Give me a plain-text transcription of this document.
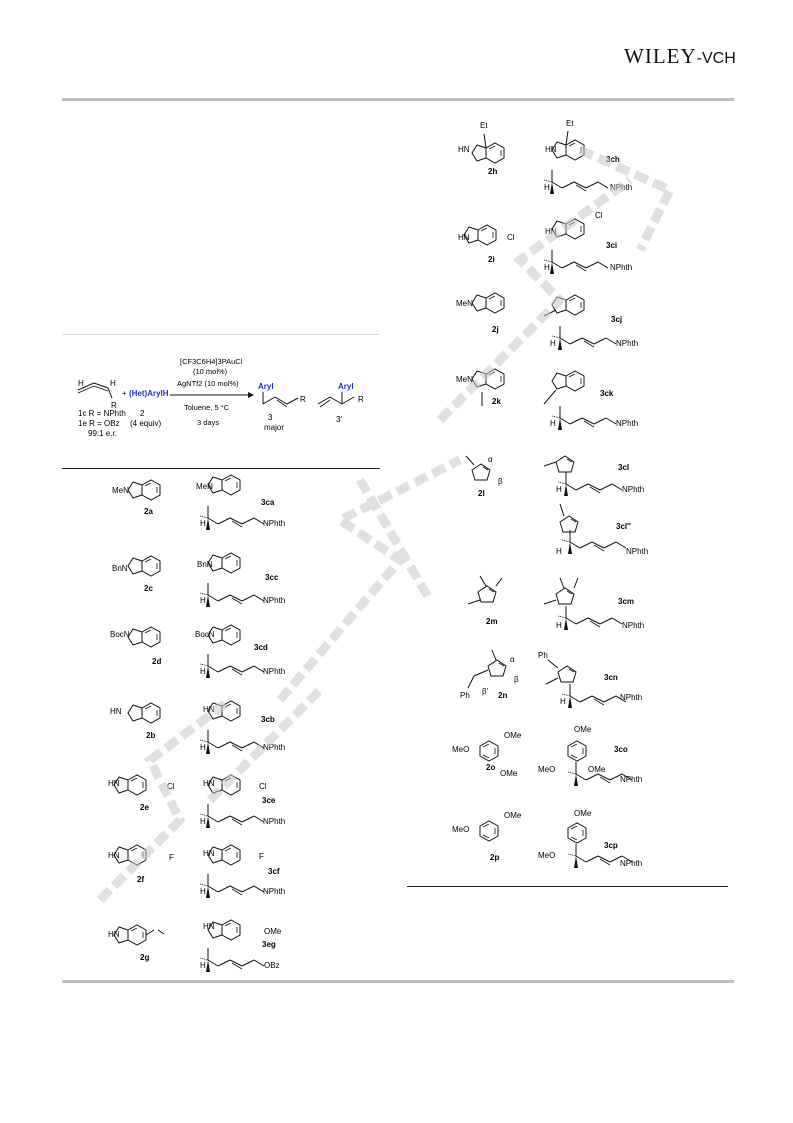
WILEY-VCH
H	H
R
1c R = NPhth
1e R = OBz
99:1 e.r.
+ (Het)ArylH
2
(4 equiv)
[CF3C6H4]3PAuCl
(10 mol%)
AgNTf2 (10 mol%)
Toluene, 5 °C
3 days
Aryl
R
3
major
Aryl
R
3'
MeN
2a
MeN
H	NPhth
3ca
BnN
2c
BnN
H	NPhth
3cc
BocN
2d
BocN
H	NPhth
3cd
HN
2b
HN
H	NPhth
3cb
HN	Cl
2e
HN	Cl
H	NPhth
3ce
HN	F
2f
HN	F
H	NPhth
3cf
HN
2g
HN
OMe
H	OBz
3eg
Et
HN
2h
Et
HN
H	NPhth
3ch
Cl
HN
2i
Cl
HN
H	NPhth
3ci
MeN
2j
H	NPhth
3cj
MeN
2k
H	NPhth
3ck
α
β
2l	H	NPhth
3cl
H	NPhth
3cl''
2m	H	NPhth
3cm
Ph
α
β
β' 2n
Ph
H	NPhth
3cn
OMe
MeO
OMe
2o
OMe
MeO	OMe
NPhth
3co
OMe
MeO
2p
OMe
MeO
NPhth
3cp
